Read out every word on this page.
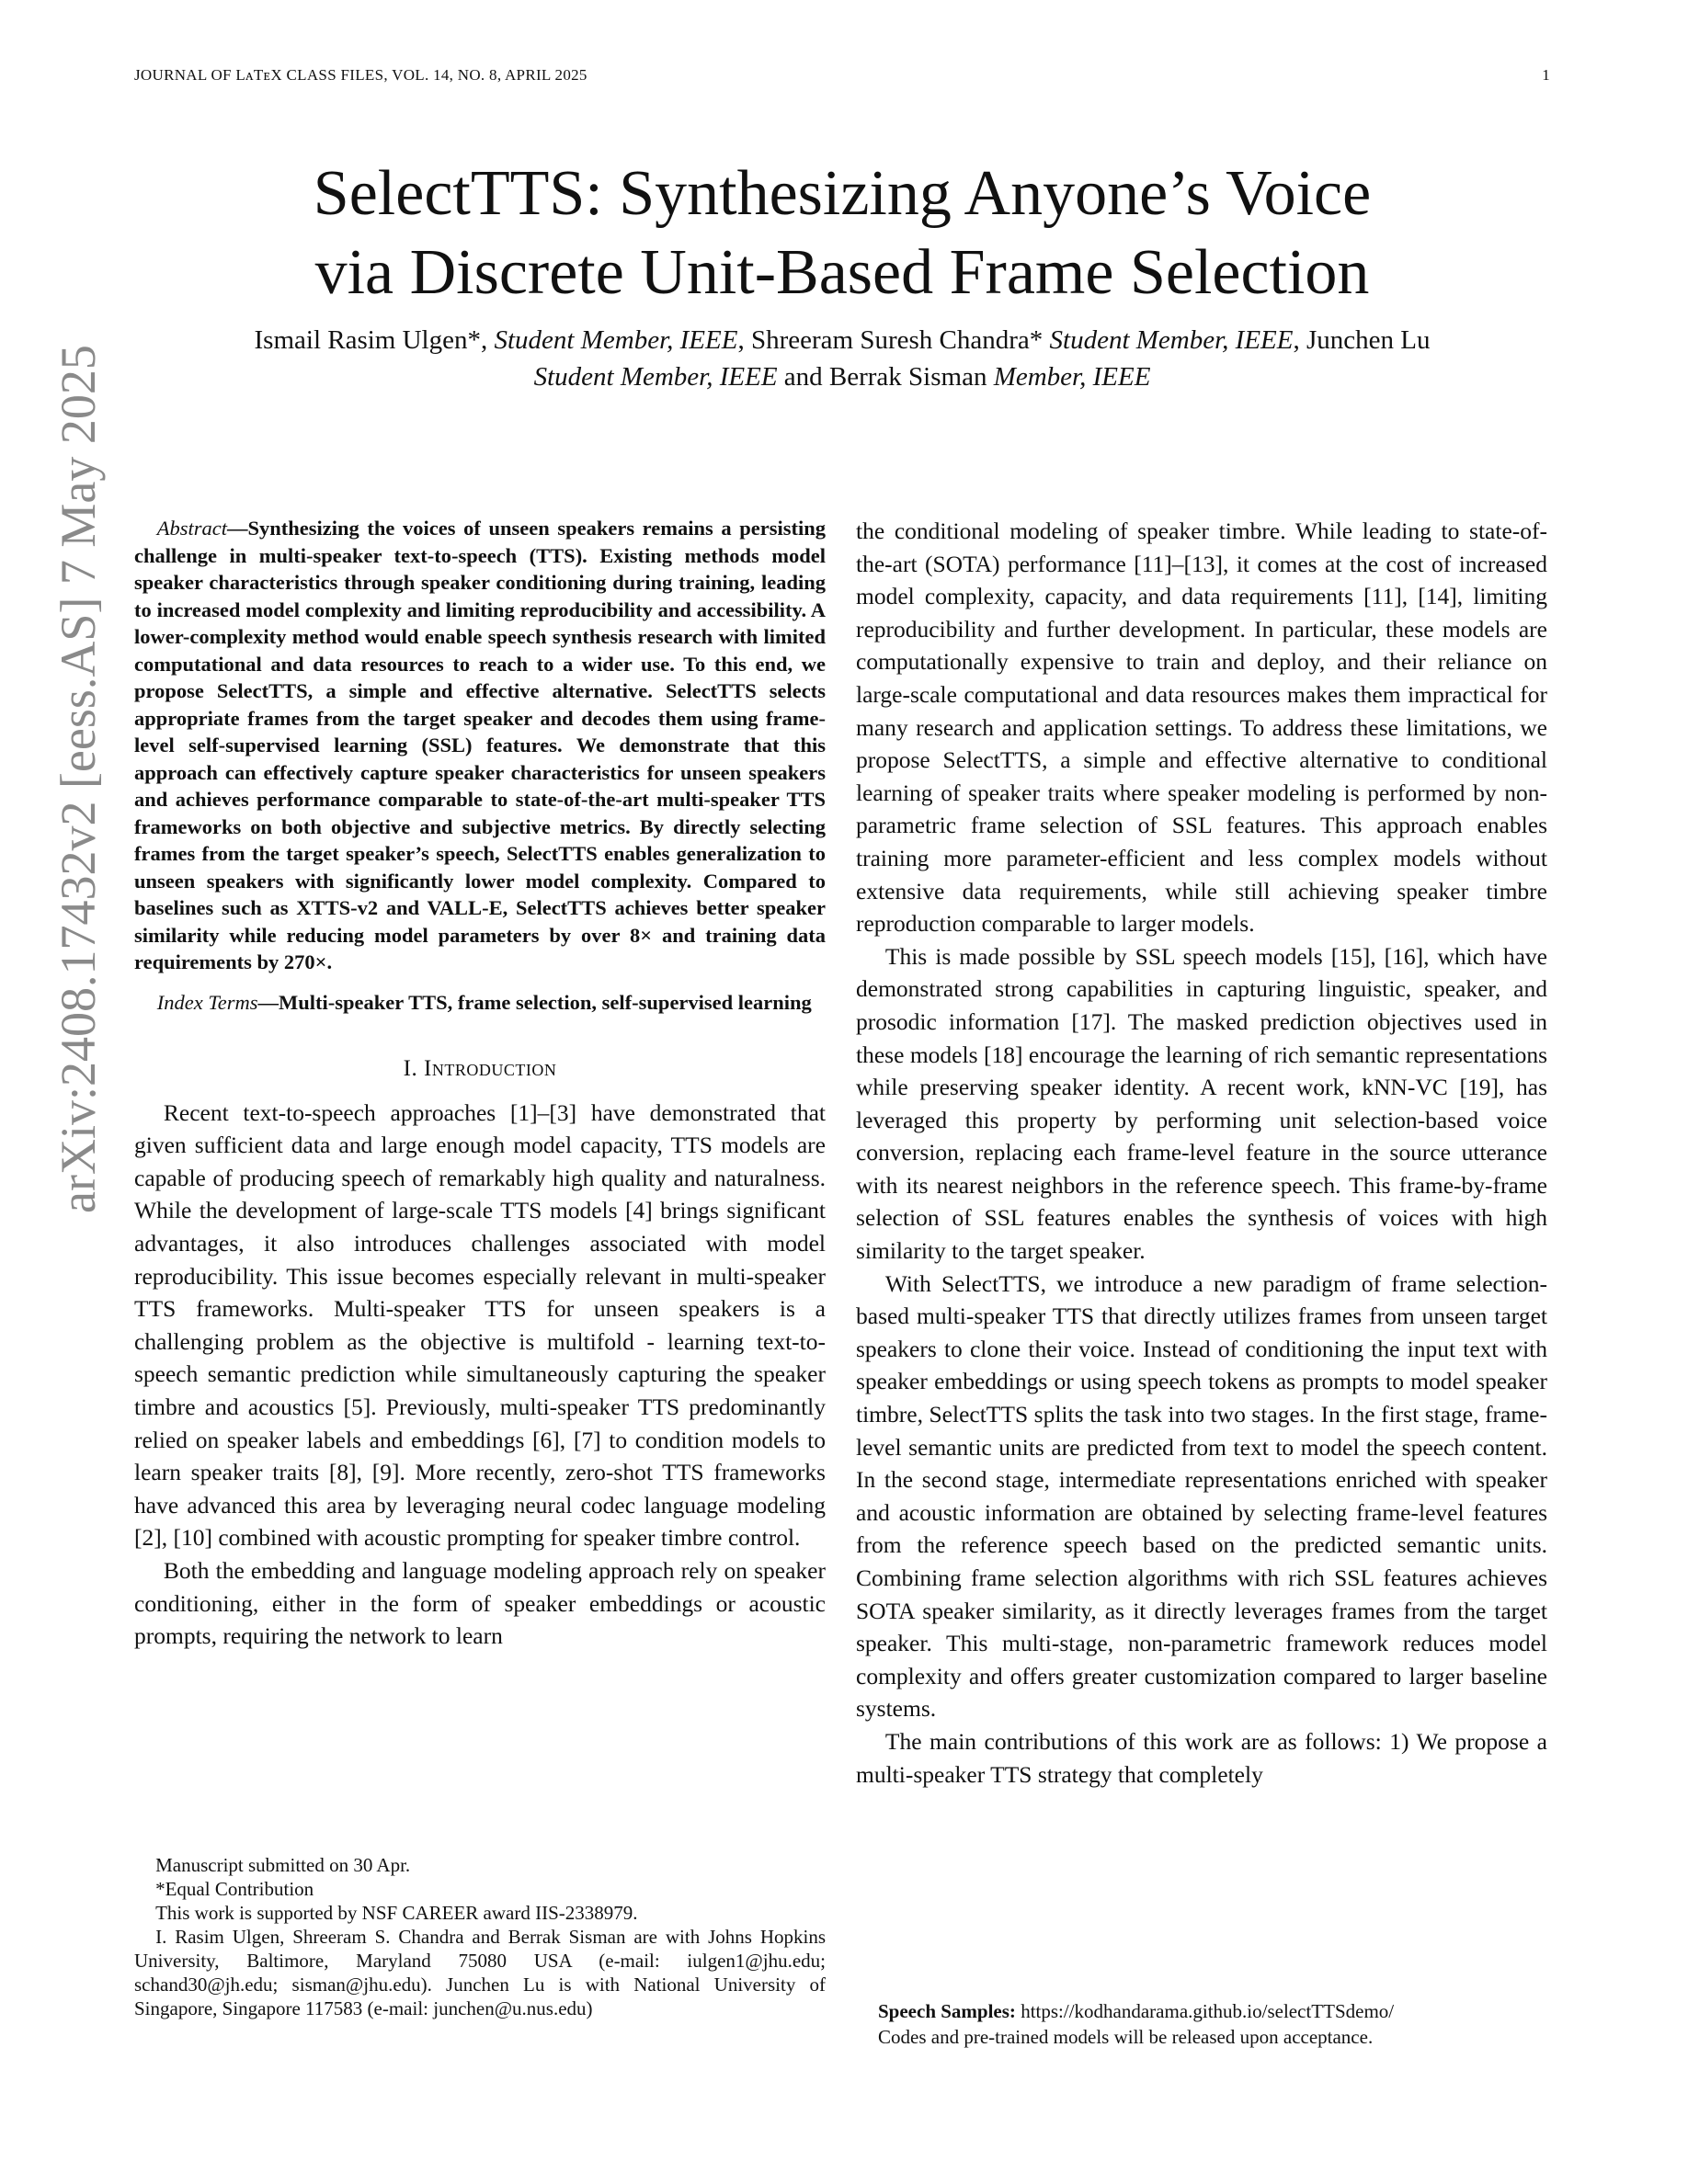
JOURNAL OF LᴀTᴇX CLASS FILES, VOL. 14, NO. 8, APRIL 2025	1
SelectTTS: Synthesizing Anyone’s Voice
via Discrete Unit-Based Frame Selection
Ismail Rasim Ulgen*, Student Member, IEEE, Shreeram Suresh Chandra* Student Member, IEEE, Junchen Lu
Student Member, IEEE and Berrak Sisman Member, IEEE
arXiv:2408.17432v2 [eess.AS] 7 May 2025	Abstract—Synthesizing the voices of unseen speakers remains a persisting challenge in multi-speaker text-to-speech (TTS). Existing methods model speaker characteristics through speaker conditioning during training, leading to increased model complexity and limiting reproducibility and accessibility. A lower-complexity method would enable speech synthesis research with limited computational and data resources to reach to a wider use. To this end, we propose SelectTTS, a simple and effective alternative. SelectTTS selects appropriate frames from the target speaker and decodes them using frame-level self-supervised learning (SSL) features. We demonstrate that this approach can effectively capture speaker characteristics for unseen speakers and achieves performance comparable to state-of-the-art multi-speaker TTS frameworks on both objective and subjective metrics. By directly selecting frames from the target speaker’s speech, SelectTTS enables generalization to unseen speakers with significantly lower model complexity. Compared to baselines such as XTTS-v2 and VALL-E, SelectTTS achieves better speaker similarity while reducing model parameters by over 8× and training data requirements by 270×.

Index Terms—Multi-speaker TTS, frame selection, self-supervised learning

I. Introduction

Recent text-to-speech approaches [1]–[3] have demonstrated that given sufficient data and large enough model capacity, TTS models are capable of producing speech of remarkably high quality and naturalness. While the development of large-scale TTS models [4] brings significant advantages, it also introduces challenges associated with model reproducibility. This issue becomes especially relevant in multi-speaker TTS frameworks. Multi-speaker TTS for unseen speakers is a challenging problem as the objective is multifold - learning text-to-speech semantic prediction while simultaneously capturing the speaker timbre and acoustics [5]. Previously, multi-speaker TTS predominantly relied on speaker labels and embeddings [6], [7] to condition models to learn speaker traits [8], [9]. More recently, zero-shot TTS frameworks have advanced this area by leveraging neural codec language modeling [2], [10] combined with acoustic prompting for speaker timbre control.

Both the embedding and language modeling approach rely on speaker conditioning, either in the form of speaker embeddings or acoustic prompts, requiring the network to learn

Manuscript submitted on 30 Apr.

*Equal Contribution

This work is supported by NSF CAREER award IIS-2338979.

I. Rasim Ulgen, Shreeram S. Chandra and Berrak Sisman are with Johns Hopkins University, Baltimore, Maryland 75080 USA (e-mail: iulgen1@jhu.edu; schand30@jh.edu; sisman@jhu.edu). Junchen Lu is with National University of Singapore, Singapore 117583 (e-mail: junchen@u.nus.edu)

the conditional modeling of speaker timbre. While leading to state-of-the-art (SOTA) performance [11]–[13], it comes at the cost of increased model complexity, capacity, and data requirements [11], [14], limiting reproducibility and further development. In particular, these models are computationally expensive to train and deploy, and their reliance on large-scale computational and data resources makes them impractical for many research and application settings. To address these limitations, we propose SelectTTS, a simple and effective alternative to conditional learning of speaker traits where speaker modeling is performed by non-parametric frame selection of SSL features. This approach enables training more parameter-efficient and less complex models without extensive data requirements, while still achieving speaker timbre reproduction comparable to larger models.

This is made possible by SSL speech models [15], [16], which have demonstrated strong capabilities in capturing linguistic, speaker, and prosodic information [17]. The masked prediction objectives used in these models [18] encourage the learning of rich semantic representations while preserving speaker identity. A recent work, kNN-VC [19], has leveraged this property by performing unit selection-based voice conversion, replacing each frame-level feature in the source utterance with its nearest neighbors in the reference speech. This frame-by-frame selection of SSL features enables the synthesis of voices with high similarity to the target speaker.

With SelectTTS, we introduce a new paradigm of frame selection-based multi-speaker TTS that directly utilizes frames from unseen target speakers to clone their voice. Instead of conditioning the input text with speaker embeddings or using speech tokens as prompts to model speaker timbre, SelectTTS splits the task into two stages. In the first stage, frame-level semantic units are predicted from text to model the speech content. In the second stage, intermediate representations enriched with speaker and acoustic information are obtained by selecting frame-level features from the reference speech based on the predicted semantic units. Combining frame selection algorithms with rich SSL features achieves SOTA speaker similarity, as it directly leverages frames from the target speaker. This multi-stage, non-parametric framework reduces model complexity and offers greater customization compared to larger baseline systems.

The main contributions of this work are as follows: 1) We propose a multi-speaker TTS strategy that completely

Speech Samples: https://kodhandarama.github.io/selectTTSdemo/

Codes and pre-trained models will be released upon acceptance.
